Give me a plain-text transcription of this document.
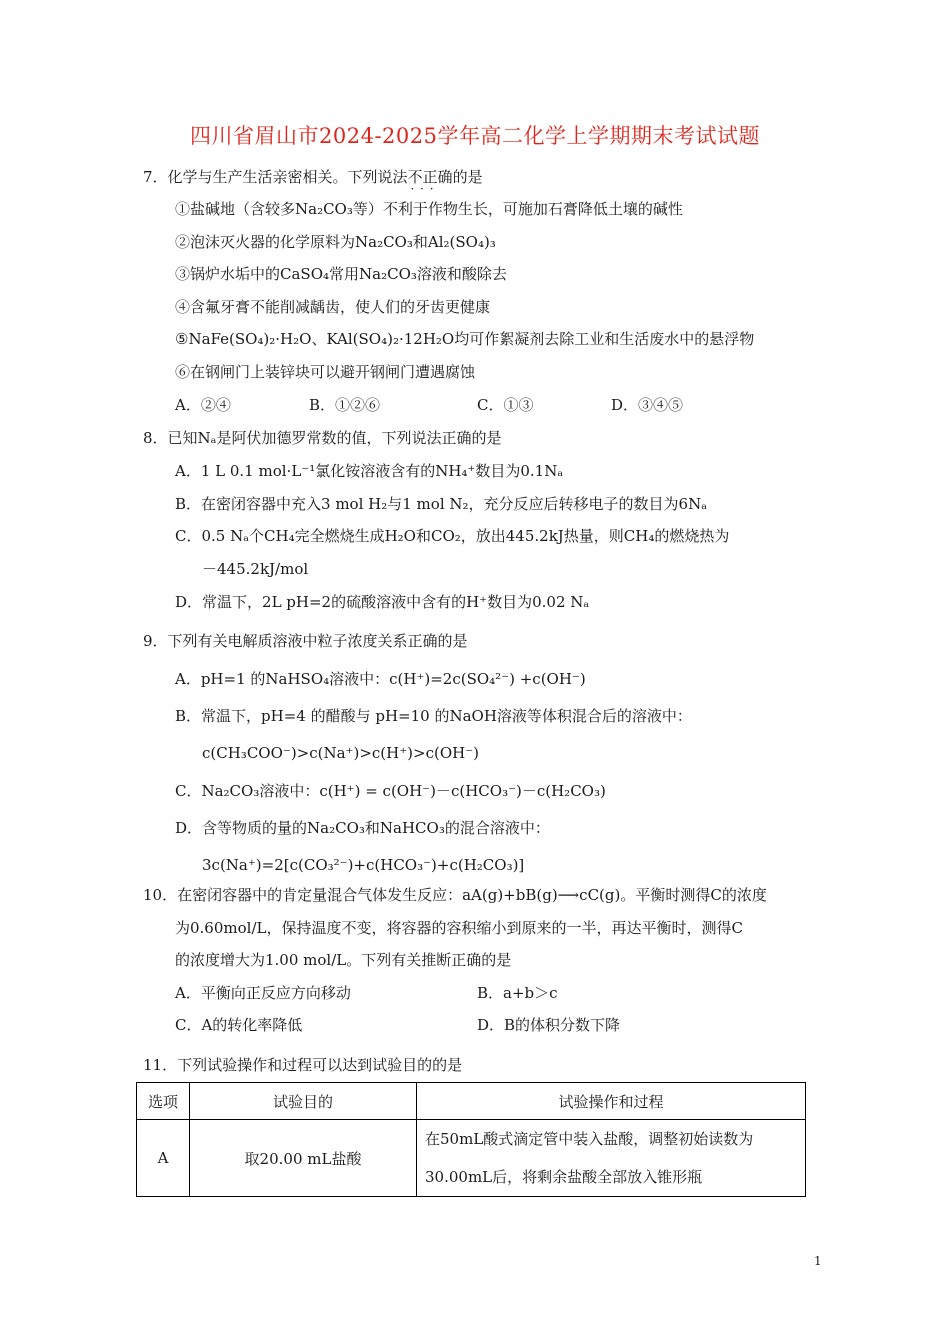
四川省眉山市2024-2025学年高二化学上学期期末考试试题
7．化学与生产生活亲密相关。下列说法不正确 · · ·的是
①盐碱地（含较多Na₂CO₃等）不利于作物生长，可施加石膏降低土壤的碱性
②泡沫灭火器的化学原料为Na₂CO₃和Al₂(SO₄)₃
③锅炉水垢中的CaSO₄常用Na₂CO₃溶液和酸除去
④含氟牙膏不能削减龋齿，使人们的牙齿更健康
⑤NaFe(SO₄)₂·H₂O、KAl(SO₄)₂·12H₂O均可作絮凝剂去除工业和生活废水中的悬浮物
⑥在钢闸门上装锌块可以避开钢闸门遭遇腐蚀
A．②④	B．①②⑥	C．①③	D．③④⑤
8．已知Nₐ是阿伏加德罗常数的值，下列说法正确的是
A．1 L 0.1 mol·L⁻¹氯化铵溶液含有的NH₄⁺数目为0.1Nₐ
B．在密闭容器中充入3 mol H₂与1 mol N₂，充分反应后转移电子的数目为6Nₐ
C．0.5 Nₐ个CH₄完全燃烧生成H₂O和CO₂，放出445.2kJ热量，则CH₄的燃烧热为
－445.2kJ/mol
D．常温下，2L pH=2的硫酸溶液中含有的H⁺数目为0.02 Nₐ
9．下列有关电解质溶液中粒子浓度关系正确的是
A．pH=1 的NaHSO₄溶液中：c(H⁺)=2c(SO₄²⁻) +c(OH⁻)
B．常温下，pH=4 的醋酸与 pH=10 的NaOH溶液等体积混合后的溶液中：
c(CH₃COO⁻)>c(Na⁺)>c(H⁺)>c(OH⁻)
C．Na₂CO₃溶液中：c(H⁺) = c(OH⁻)－c(HCO₃⁻)－c(H₂CO₃)
D．含等物质的量的Na₂CO₃和NaHCO₃的混合溶液中：
3c(Na⁺)=2[c(CO₃²⁻)+c(HCO₃⁻)+c(H₂CO₃)]
10．在密闭容器中的肯定量混合气体发生反应：aA(g)+bB(g)⟶cC(g)。平衡时测得C的浓度
为0.60mol/L，保持温度不变，将容器的容积缩小到原来的一半，再达平衡时，测得C
的浓度增大为1.00 mol/L。下列有关推断正确的是
A．平衡向正反应方向移动	B．a+b＞c
C．A的转化率降低	D．B的体积分数下降
11．下列试验操作和过程可以达到试验目的的是
选项	试验目的	试验操作和过程
A	取20.00 mL盐酸	在50mL酸式滴定管中装入盐酸，调整初始读数为30.00mL后，将剩余盐酸全部放入锥形瓶
1
